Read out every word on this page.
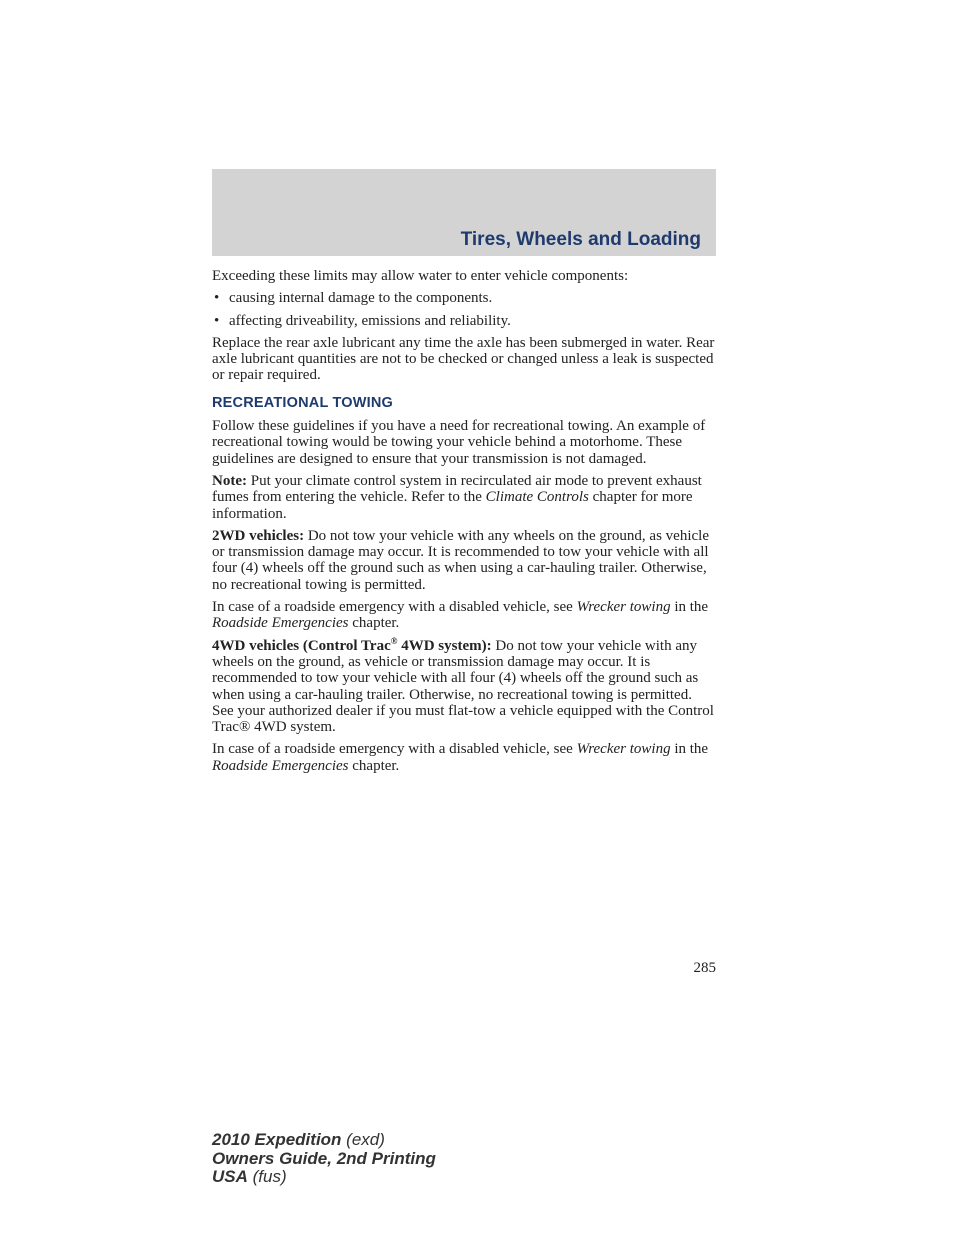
Tires, Wheels and Loading

Exceeding these limits may allow water to enter vehicle components:

• causing internal damage to the components.
• affecting driveability, emissions and reliability.

Replace the rear axle lubricant any time the axle has been submerged in water. Rear axle lubricant quantities are not to be checked or changed unless a leak is suspected or repair required.

RECREATIONAL TOWING

Follow these guidelines if you have a need for recreational towing. An example of recreational towing would be towing your vehicle behind a motorhome. These guidelines are designed to ensure that your transmission is not damaged.

Note: Put your climate control system in recirculated air mode to prevent exhaust fumes from entering the vehicle. Refer to the Climate Controls chapter for more information.

2WD vehicles: Do not tow your vehicle with any wheels on the ground, as vehicle or transmission damage may occur. It is recommended to tow your vehicle with all four (4) wheels off the ground such as when using a car-hauling trailer. Otherwise, no recreational towing is permitted.

In case of a roadside emergency with a disabled vehicle, see Wrecker towing in the Roadside Emergencies chapter.

4WD vehicles (Control Trac® 4WD system): Do not tow your vehicle with any wheels on the ground, as vehicle or transmission damage may occur. It is recommended to tow your vehicle with all four (4) wheels off the ground such as when using a car-hauling trailer. Otherwise, no recreational towing is permitted. See your authorized dealer if you must flat-tow a vehicle equipped with the Control Trac® 4WD system.

In case of a roadside emergency with a disabled vehicle, see Wrecker towing in the Roadside Emergencies chapter.

285
2010 Expedition (exd)
Owners Guide, 2nd Printing
USA (fus)
